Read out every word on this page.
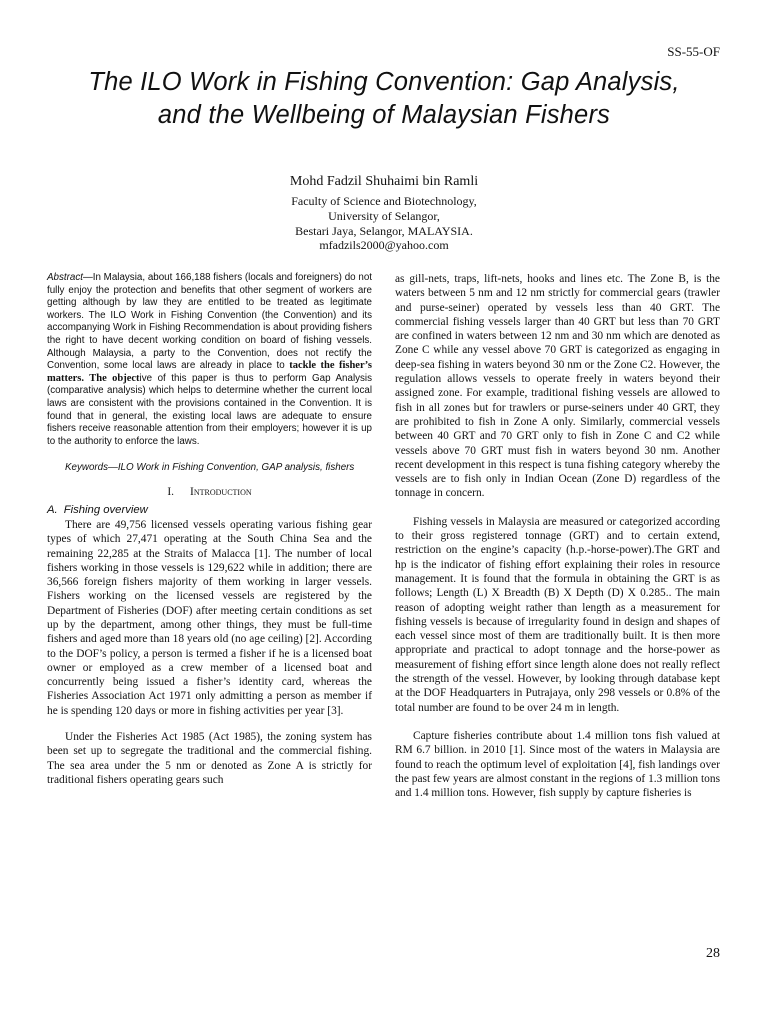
SS-55-OF
The ILO Work in Fishing Convention: Gap Analysis,
and the Wellbeing of Malaysian Fishers
Mohd Fadzil Shuhaimi bin Ramli
Faculty of Science and Biotechnology,
University of Selangor,
Bestari Jaya, Selangor, MALAYSIA.
mfadzils2000@yahoo.com

Abstract—In Malaysia, about 166,188 fishers (locals and foreigners) do not fully enjoy the protection and benefits that other segment of workers are getting although by law they are entitled to be treated as legitimate workers. The ILO Work in Fishing Convention (the Convention) and its accompanying Work in Fishing Recommendation is about providing fishers the right to have decent working condition on board of fishing vessels. Although Malaysia, a party to the Convention, does not rectify the Convention, some local laws are already in place to tackle the fisher’s matters. The objective of this paper is thus to perform Gap Analysis (comparative analysis) which helps to determine whether the current local laws are consistent with the provisions contained in the Convention. It is found that in general, the existing local laws are adequate to ensure fishers receive reasonable attention from their employers; however it is up to the authority to enforce the laws.

Keywords—ILO Work in Fishing Convention, GAP analysis, fishers

I. Introduction
A. Fishing overview

There are 49,756 licensed vessels operating various fishing gear types of which 27,471 operating at the South China Sea and the remaining 22,285 at the Straits of Malacca [1]. The number of local fishers working in those vessels is 129,622 while in addition; there are 36,566 foreign fishers majority of them working in larger vessels. Fishers working on the licensed vessels are registered by the Department of Fisheries (DOF) after meeting certain conditions as set up by the department, among other things, they must be full-time fishers and aged more than 18 years old (no age ceiling) [2]. According to the DOF’s policy, a person is termed a fisher if he is a licensed boat owner or employed as a crew member of a licensed boat and concurrently being issued a fisher’s identity card, whereas the Fisheries Association Act 1971 only admitting a person as member if he is spending 120 days or more in fishing activities per year [3].

Under the Fisheries Act 1985 (Act 1985), the zoning system has been set up to segregate the traditional and the commercial fishing. The sea area under the 5 nm or denoted as Zone A is strictly for traditional fishers operating gears such

as gill-nets, traps, lift-nets, hooks and lines etc. The Zone B, is the waters between 5 nm and 12 nm strictly for commercial gears (trawler and purse-seiner) operated by vessels less than 40 GRT. The commercial fishing vessels larger than 40 GRT but less than 70 GRT are confined in waters between 12 nm and 30 nm which are denoted as Zone C while any vessel above 70 GRT is categorized as engaging in deep-sea fishing in waters beyond 30 nm or the Zone C2. However, the regulation allows vessels to operate freely in waters beyond their assigned zone. For example, traditional fishing vessels are allowed to fish in all zones but for trawlers or purse-seiners under 40 GRT, they are prohibited to fish in Zone A only. Similarly, commercial vessels between 40 GRT and 70 GRT only to fish in Zone C and C2 while vessels above 70 GRT must fish in waters beyond 30 nm. Another recent development in this respect is tuna fishing category whereby the vessels are to fish only in Indian Ocean (Zone D) regardless of the tonnage in concern.

Fishing vessels in Malaysia are measured or categorized according to their gross registered tonnage (GRT) and to certain extend, restriction on the engine’s capacity (h.p.-horse-power).The GRT and hp is the indicator of fishing effort explaining their roles in resource management. It is found that the formula in obtaining the GRT is as follows; Length (L) X Breadth (B) X Depth (D) X 0.285.. The main reason of adopting weight rather than length as a measurement for fishing vessels is because of irregularity found in design and shapes of each vessel since most of them are traditionally built. It is then more appropriate and practical to adopt tonnage and the horse-power as measurement of fishing effort since length alone does not really reflect the strength of the vessel. However, by looking through database kept at the DOF Headquarters in Putrajaya, only 298 vessels or 0.8% of the total number are found to be over 24 m in length.

Capture fisheries contribute about 1.4 million tons fish valued at RM 6.7 billion. in 2010 [1]. Since most of the waters in Malaysia are found to reach the optimum level of exploitation [4], fish landings over the past few years are almost constant in the regions of 1.3 million tons and 1.4 million tons. However, fish supply by capture fisheries is

28
